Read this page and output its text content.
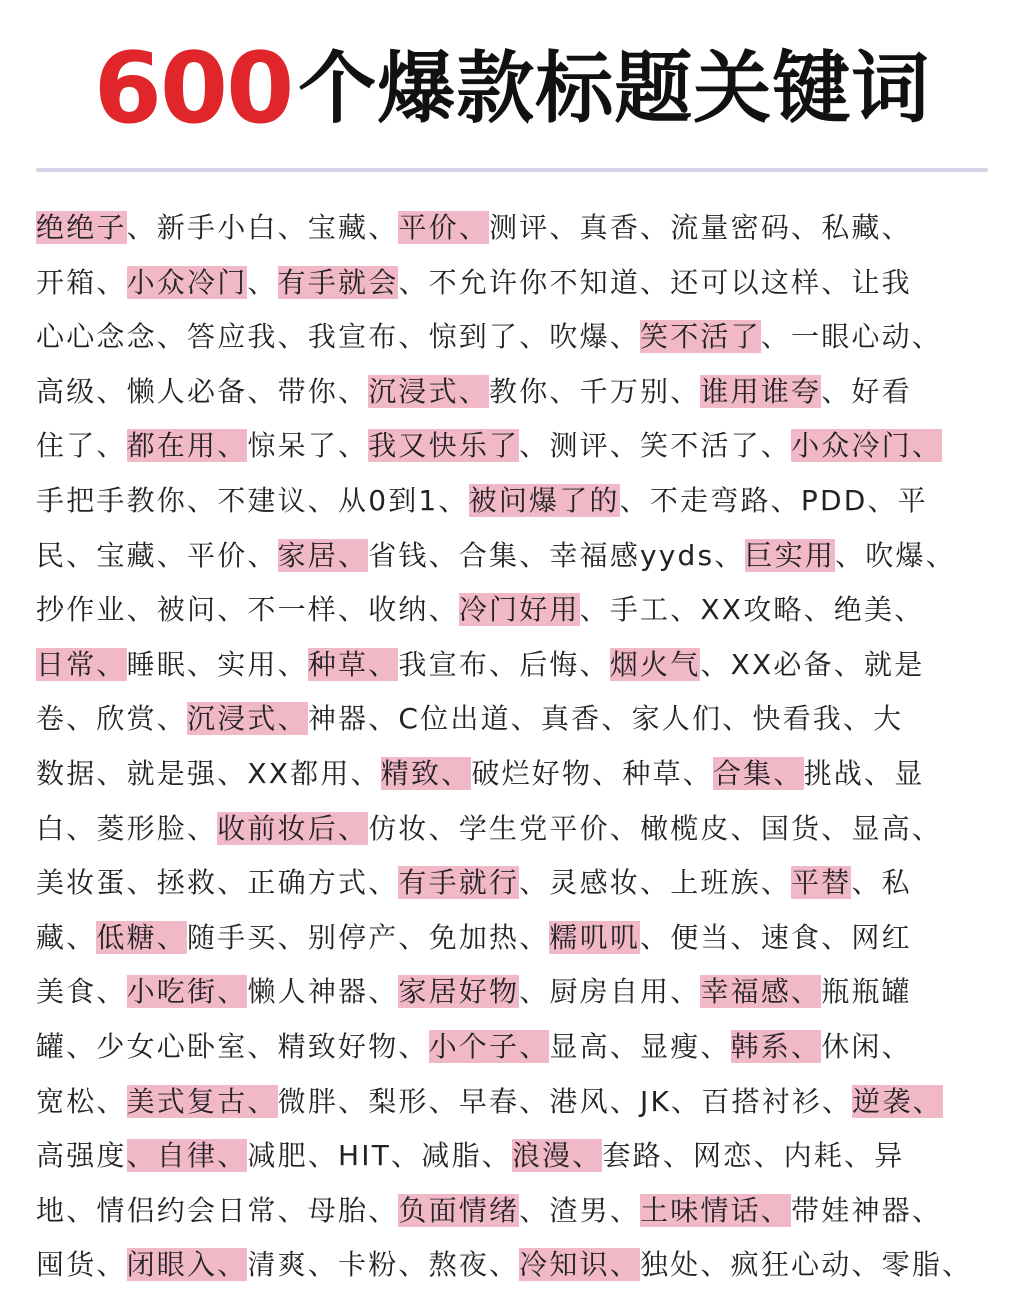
600个爆款标题关键词
绝绝子、新手小白、宝藏、平价、测评、真香、流量密码、私藏、
开箱、小众冷门、有手就会、不允许你不知道、还可以这样、让我
心心念念、答应我、我宣布、惊到了、吹爆、笑不活了、一眼心动、
高级、懒人必备、带你、沉浸式、教你、千万别、谁用谁夸、好看
住了、都在用、惊呆了、我又快乐了、测评、笑不活了、小众冷门、
手把手教你、不建议、从0到1、被问爆了的、不走弯路、PDD、平
民、宝藏、平价、家居、省钱、合集、幸福感yyds、巨实用、吹爆、
抄作业、被问、不一样、收纳、冷门好用、手工、XX攻略、绝美、
日常、睡眠、实用、种草、我宣布、后悔、烟火气、XX必备、就是
卷、欣赏、沉浸式、神器、C位出道、真香、家人们、快看我、大
数据、就是强、XX都用、精致、破烂好物、种草、合集、挑战、显
白、菱形脸、收前妆后、仿妆、学生党平价、橄榄皮、国货、显高、
美妆蛋、拯救、正确方式、有手就行、灵感妆、上班族、平替、私
藏、低糖、随手买、别停产、免加热、糯叽叽、便当、速食、网红
美食、小吃街、懒人神器、家居好物、厨房自用、幸福感、瓶瓶罐
罐、少女心卧室、精致好物、小个子、显高、显瘦、韩系、休闲、
宽松、美式复古、微胖、梨形、早春、港风、JK、百搭衬衫、逆袭、
高强度、自律、减肥、HIT、减脂、浪漫、套路、网恋、内耗、异
地、情侣约会日常、母胎、负面情绪、渣男、土味情话、带娃神器、
囤货、闭眼入、清爽、卡粉、熬夜、冷知识、独处、疯狂心动、零脂、
